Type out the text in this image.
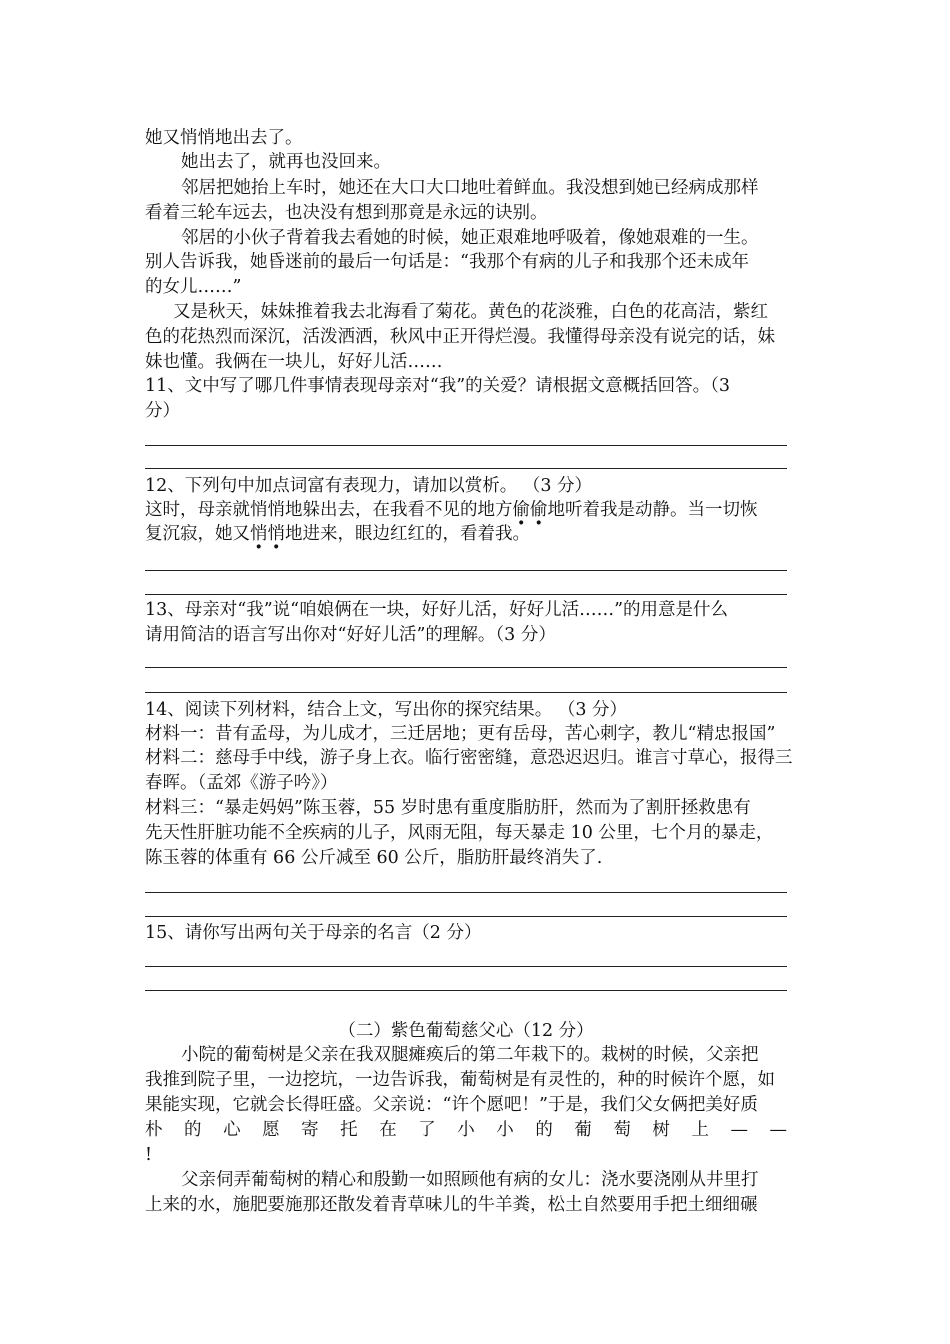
她又悄悄地出去了。
她出去了，就再也没回来。
邻居把她抬上车时，她还在大口大口地吐着鲜血。我没想到她已经病成那样
看着三轮车远去，也决没有想到那竟是永远的诀别。
邻居的小伙子背着我去看她的时候，她正艰难地呼吸着，像她艰难的一生。
别人告诉我，她昏迷前的最后一句话是：“我那个有病的儿子和我那个还未成年
的女儿……”
又是秋天，妹妹推着我去北海看了菊花。黄色的花淡雅，白色的花高洁，紫红
色的花热烈而深沉，活泼洒洒，秋风中正开得烂漫。我懂得母亲没有说完的话，妹
妹也懂。我俩在一块儿，好好儿活……
11、文中写了哪几件事情表现母亲对“我”的关爱？请根据文意概括回答。（3
分）
12、下列句中加点词富有表现力，请加以赏析。 （3 分）
这时，母亲就悄悄地躲出去，在我看不见的地方偷偷地听着我是动静。当一切恢
复沉寂，她又悄悄地进来，眼边红红的，看着我。
13、母亲对“我”说“咱娘俩在一块，好好儿活，好好儿活……”的用意是什么
请用简洁的语言写出你对“好好儿活”的理解。（3 分）
14、阅读下列材料，结合上文，写出你的探究结果。 （3 分）
材料一：昔有孟母，为儿成才，三迁居地；更有岳母，苦心刺字，教儿“精忠报国”
材料二：慈母手中线，游子身上衣。临行密密缝，意恐迟迟归。谁言寸草心，报得三
春晖。（孟郊《游子吟》）
材料三：“暴走妈妈”陈玉蓉，55 岁时患有重度脂肪肝，然而为了割肝拯救患有
先天性肝脏功能不全疾病的儿子，风雨无阻，每天暴走 10 公里，七个月的暴走，
陈玉蓉的体重有 66 公斤减至 60 公斤，脂肪肝最终消失了.
15、请你写出两句关于母亲的名言（2 分）
（二）紫色葡萄慈父心（12 分）
小院的葡萄树是父亲在我双腿瘫痪后的第二年栽下的。栽树的时候，父亲把
我推到院子里，一边挖坑，一边告诉我，葡萄树是有灵性的，种的时候许个愿，如
果能实现，它就会长得旺盛。父亲说：“许个愿吧！”于是，我们父女俩把美好质
朴 的 心 愿 寄 托 在 了 小 小 的 葡 萄 树 上 — —
!
父亲伺弄葡萄树的精心和殷勤一如照顾他有病的女儿：浇水要浇刚从井里打
上来的水，施肥要施那还散发着青草味儿的牛羊粪，松土自然要用手把土细细碾
